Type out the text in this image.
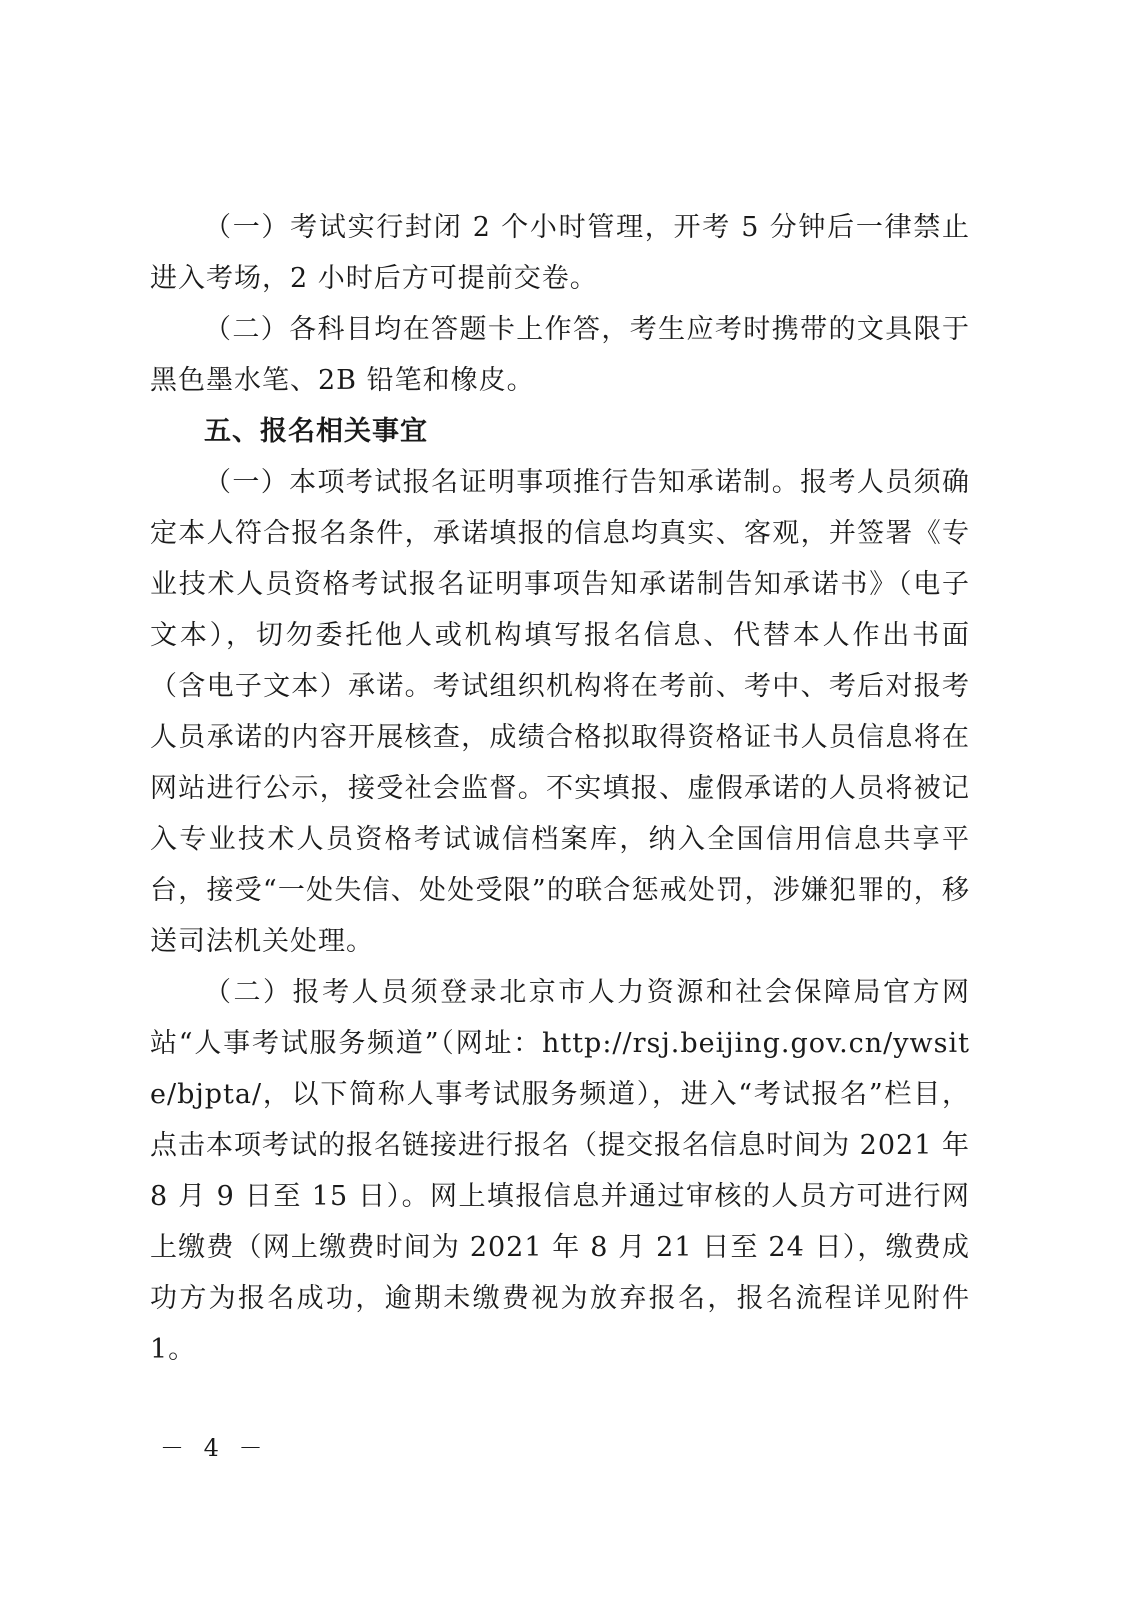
（一）考试实行封闭 2 个小时管理，开考 5 分钟后一律禁止进入考场，2 小时后方可提前交卷。

（二）各科目均在答题卡上作答，考生应考时携带的文具限于黑色墨水笔、2B 铅笔和橡皮。

五、报名相关事宜

（一）本项考试报名证明事项推行告知承诺制。报考人员须确定本人符合报名条件，承诺填报的信息均真实、客观，并签署《专业技术人员资格考试报名证明事项告知承诺制告知承诺书》（电子文本），切勿委托他人或机构填写报名信息、代替本人作出书面（含电子文本）承诺。考试组织机构将在考前、考中、考后对报考人员承诺的内容开展核查，成绩合格拟取得资格证书人员信息将在网站进行公示，接受社会监督。不实填报、虚假承诺的人员将被记入专业技术人员资格考试诚信档案库，纳入全国信用信息共享平台，接受“一处失信、处处受限”的联合惩戒处罚，涉嫌犯罪的，移送司法机关处理。

（二）报考人员须登录北京市人力资源和社会保障局官方网站“人事考试服务频道”（网址：http://rsj.beijing.gov.cn/ywsite/bjpta/，以下简称人事考试服务频道），进入“考试报名”栏目，点击本项考试的报名链接进行报名（提交报名信息时间为 2021 年 8 月 9 日至 15 日）。网上填报信息并通过审核的人员方可进行网上缴费（网上缴费时间为 2021 年 8 月 21 日至 24 日），缴费成功方为报名成功，逾期未缴费视为放弃报名，报名流程详见附件 1。

－ 4 －
